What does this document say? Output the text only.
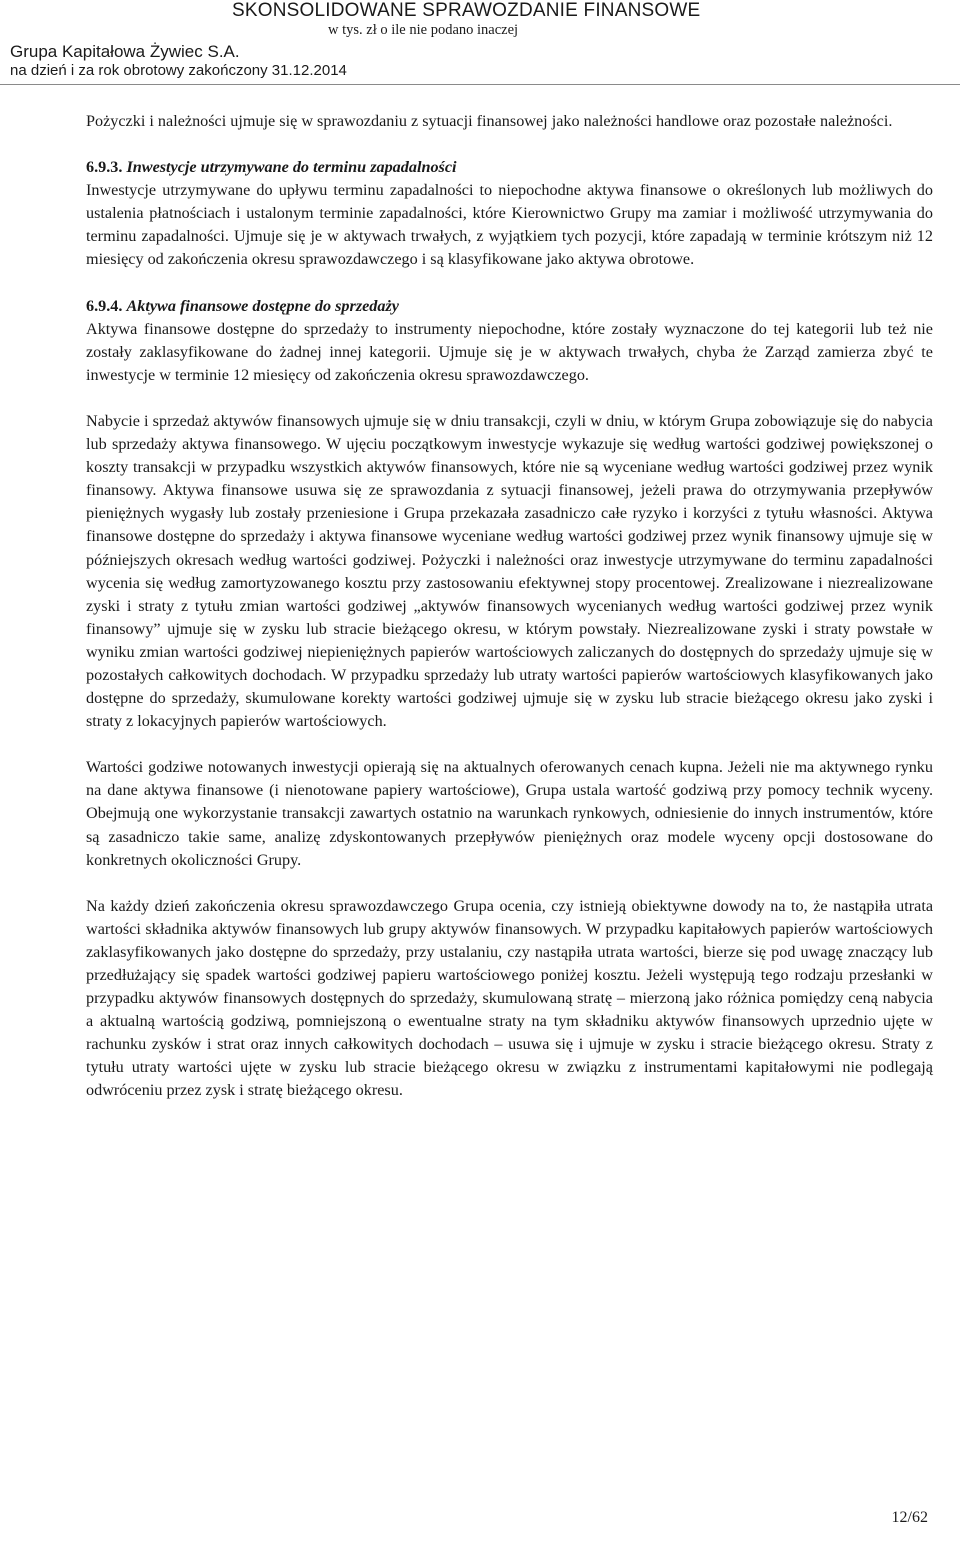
SKONSOLIDOWANE SPRAWOZDANIE FINANSOWE
w tys. zł o ile nie podano inaczej
Grupa Kapitałowa Żywiec S.A.
na dzień i za rok obrotowy zakończony 31.12.2014

Pożyczki i należności ujmuje się w sprawozdaniu z sytuacji finansowej jako należności handlowe oraz pozostałe należności.

6.9.3. Inwestycje utrzymywane do terminu zapadalności

Inwestycje utrzymywane do upływu terminu zapadalności to niepochodne aktywa finansowe o określonych lub możliwych do ustalenia płatnościach i ustalonym terminie zapadalności, które Kierownictwo Grupy ma zamiar i możliwość utrzymywania do terminu zapadalności. Ujmuje się je w aktywach trwałych, z wyjątkiem tych pozycji, które zapadają w terminie krótszym niż 12 miesięcy od zakończenia okresu sprawozdawczego i są klasyfikowane jako aktywa obrotowe.

6.9.4. Aktywa finansowe dostępne do sprzedaży

Aktywa finansowe dostępne do sprzedaży to instrumenty niepochodne, które zostały wyznaczone do tej kategorii lub też nie zostały zaklasyfikowane do żadnej innej kategorii. Ujmuje się je w aktywach trwałych, chyba że Zarząd zamierza zbyć te inwestycje w terminie 12 miesięcy od zakończenia okresu sprawozdawczego.

Nabycie i sprzedaż aktywów finansowych ujmuje się w dniu transakcji, czyli w dniu, w którym Grupa zobowiązuje się do nabycia lub sprzedaży aktywa finansowego. W ujęciu początkowym inwestycje wykazuje się według wartości godziwej powiększonej o koszty transakcji w przypadku wszystkich aktywów finansowych, które nie są wyceniane według wartości godziwej przez wynik finansowy. Aktywa finansowe usuwa się ze sprawozdania z sytuacji finansowej, jeżeli prawa do otrzymywania przepływów pieniężnych wygasły lub zostały przeniesione i Grupa przekazała zasadniczo całe ryzyko i korzyści z tytułu własności. Aktywa finansowe dostępne do sprzedaży i aktywa finansowe wyceniane według wartości godziwej przez wynik finansowy ujmuje się w późniejszych okresach według wartości godziwej. Pożyczki i należności oraz inwestycje utrzymywane do terminu zapadalności wycenia się według zamortyzowanego kosztu przy zastosowaniu efektywnej stopy procentowej. Zrealizowane i niezrealizowane zyski i straty z tytułu zmian wartości godziwej „aktywów finansowych wycenianych według wartości godziwej przez wynik finansowy” ujmuje się w zysku lub stracie bieżącego okresu, w którym powstały. Niezrealizowane zyski i straty powstałe w wyniku zmian wartości godziwej niepieniężnych papierów wartościowych zaliczanych do dostępnych do sprzedaży ujmuje się w pozostałych całkowitych dochodach. W przypadku sprzedaży lub utraty wartości papierów wartościowych klasyfikowanych jako dostępne do sprzedaży, skumulowane korekty wartości godziwej ujmuje się w zysku lub stracie bieżącego okresu jako zyski i straty z lokacyjnych papierów wartościowych.

Wartości godziwe notowanych inwestycji opierają się na aktualnych oferowanych cenach kupna. Jeżeli nie ma aktywnego rynku na dane aktywa finansowe (i nienotowane papiery wartościowe), Grupa ustala wartość godziwą przy pomocy technik wyceny. Obejmują one wykorzystanie transakcji zawartych ostatnio na warunkach rynkowych, odniesienie do innych instrumentów, które są zasadniczo takie same, analizę zdyskontowanych przepływów pieniężnych oraz modele wyceny opcji dostosowane do konkretnych okoliczności Grupy.

Na każdy dzień zakończenia okresu sprawozdawczego Grupa ocenia, czy istnieją obiektywne dowody na to, że nastąpiła utrata wartości składnika aktywów finansowych lub grupy aktywów finansowych. W przypadku kapitałowych papierów wartościowych zaklasyfikowanych jako dostępne do sprzedaży, przy ustalaniu, czy nastąpiła utrata wartości, bierze się pod uwagę znaczący lub przedłużający się spadek wartości godziwej papieru wartościowego poniżej kosztu. Jeżeli występują tego rodzaju przesłanki w przypadku aktywów finansowych dostępnych do sprzedaży, skumulowaną stratę – mierzoną jako różnica pomiędzy ceną nabycia a aktualną wartością godziwą, pomniejszoną o ewentualne straty na tym składniku aktywów finansowych uprzednio ujęte w rachunku zysków i strat oraz innych całkowitych dochodach – usuwa się i ujmuje w zysku i stracie bieżącego okresu. Straty z tytułu utraty wartości ujęte w zysku lub stracie bieżącego okresu w związku z instrumentami kapitałowymi nie podlegają odwróceniu przez zysk i stratę bieżącego okresu.

12/62
